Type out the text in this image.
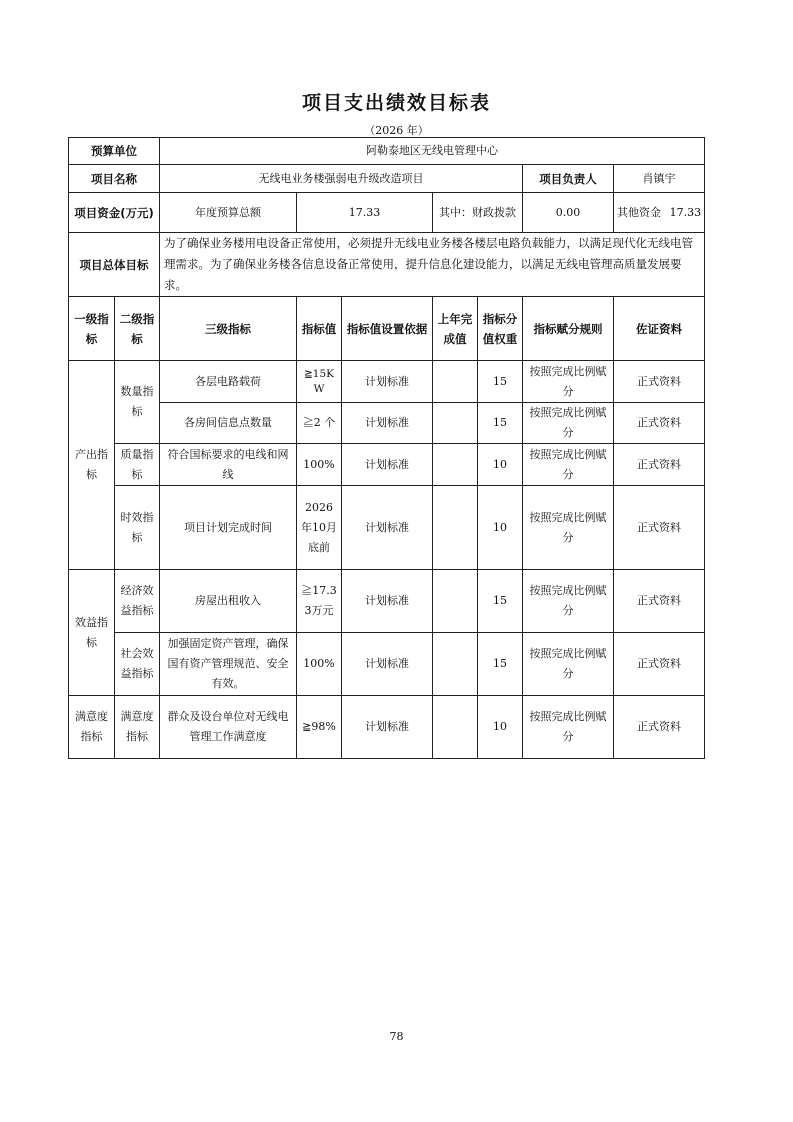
项目支出绩效目标表
（2026 年）
预算单位		阿勒泰地区无线电管理中心						
项目名称		无线电业务楼强弱电升级改造项目					项目负责人	肖镇宇
项目资金(万元)		年度预算总额	17.33		其中：财政拨款		0.00	其他资金 17.33

项目总体目标		为了确保业务楼用电设备正常使用，必须提升无线电业务楼各楼层电路负载能力，以满足现代化无线电管理需求。为了确保业务楼各信息设备正常使用，提升信息化建设能力，以满足无线电管理高质量发展要求。						
一级指标	二级指标	三级指标	指标值	指标值设置依据	上年完成值	指标分值权重	指标赋分规则	佐证资料
产出指标	数量指标	各层电路载荷	≧15KW	计划标准		15	按照完成比例赋分	正式资料
		各房间信息点数量	≧2 个	计划标准		15	按照完成比例赋分	正式资料
	质量指标	符合国标要求的电线和网线	100%	计划标准		10	按照完成比例赋分	正式资料
	时效指标	项目计划完成时间	2026年10月底前	计划标准		10	按照完成比例赋分	正式资料
效益指标	经济效益指标	房屋出租收入	≧17.33万元	计划标准		15	按照完成比例赋分	正式资料
	社会效益指标	加强固定资产管理，确保国有资产管理规范、安全有效。	100%	计划标准		15	按照完成比例赋分	正式资料
满意度指标	满意度指标	群众及设台单位对无线电管理工作满意度	≧98%	计划标准		10	按照完成比例赋分	正式资料
78
